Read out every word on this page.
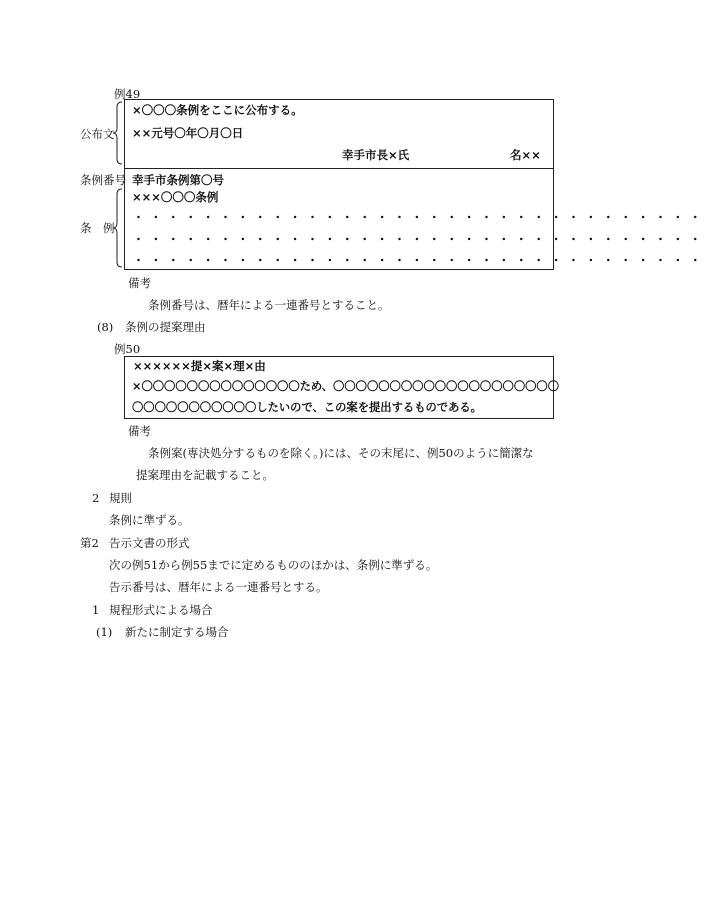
例49
公布文
条例番号
条　例
×〇〇〇条例をここに公布する。
××元号〇年〇月〇日
幸手市長×氏	名××
幸手市条例第〇号
×××〇〇〇条例
・・・・・・・・・・・・・・・・・・・・・・・・・・・・・・・・・
・・・・・・・・・・・・・・・・・・・・・・・・・・・・・・・・・
・・・・・・・・・・・・・・・・・・・・・・・・・・・・・・・・・
備考
条例番号は、暦年による一連番号とすること。
(8) 条例の提案理由
例50
××××××提×案×理×由
×〇〇〇〇〇〇〇〇〇〇〇〇〇〇ため、〇〇〇〇〇〇〇〇〇〇〇〇〇〇〇〇〇〇〇〇
〇〇〇〇〇〇〇〇〇〇〇したいので、この案を提出するものである。
備考
条例案(専決処分するものを除く。)には、その末尾に、例50のように簡潔な
提案理由を記載すること。
2 規則
条例に準ずる。
第2 告示文書の形式
次の例51から例55までに定めるもののほかは、条例に準ずる。
告示番号は、暦年による一連番号とする。
1 規程形式による場合
(1) 新たに制定する場合
